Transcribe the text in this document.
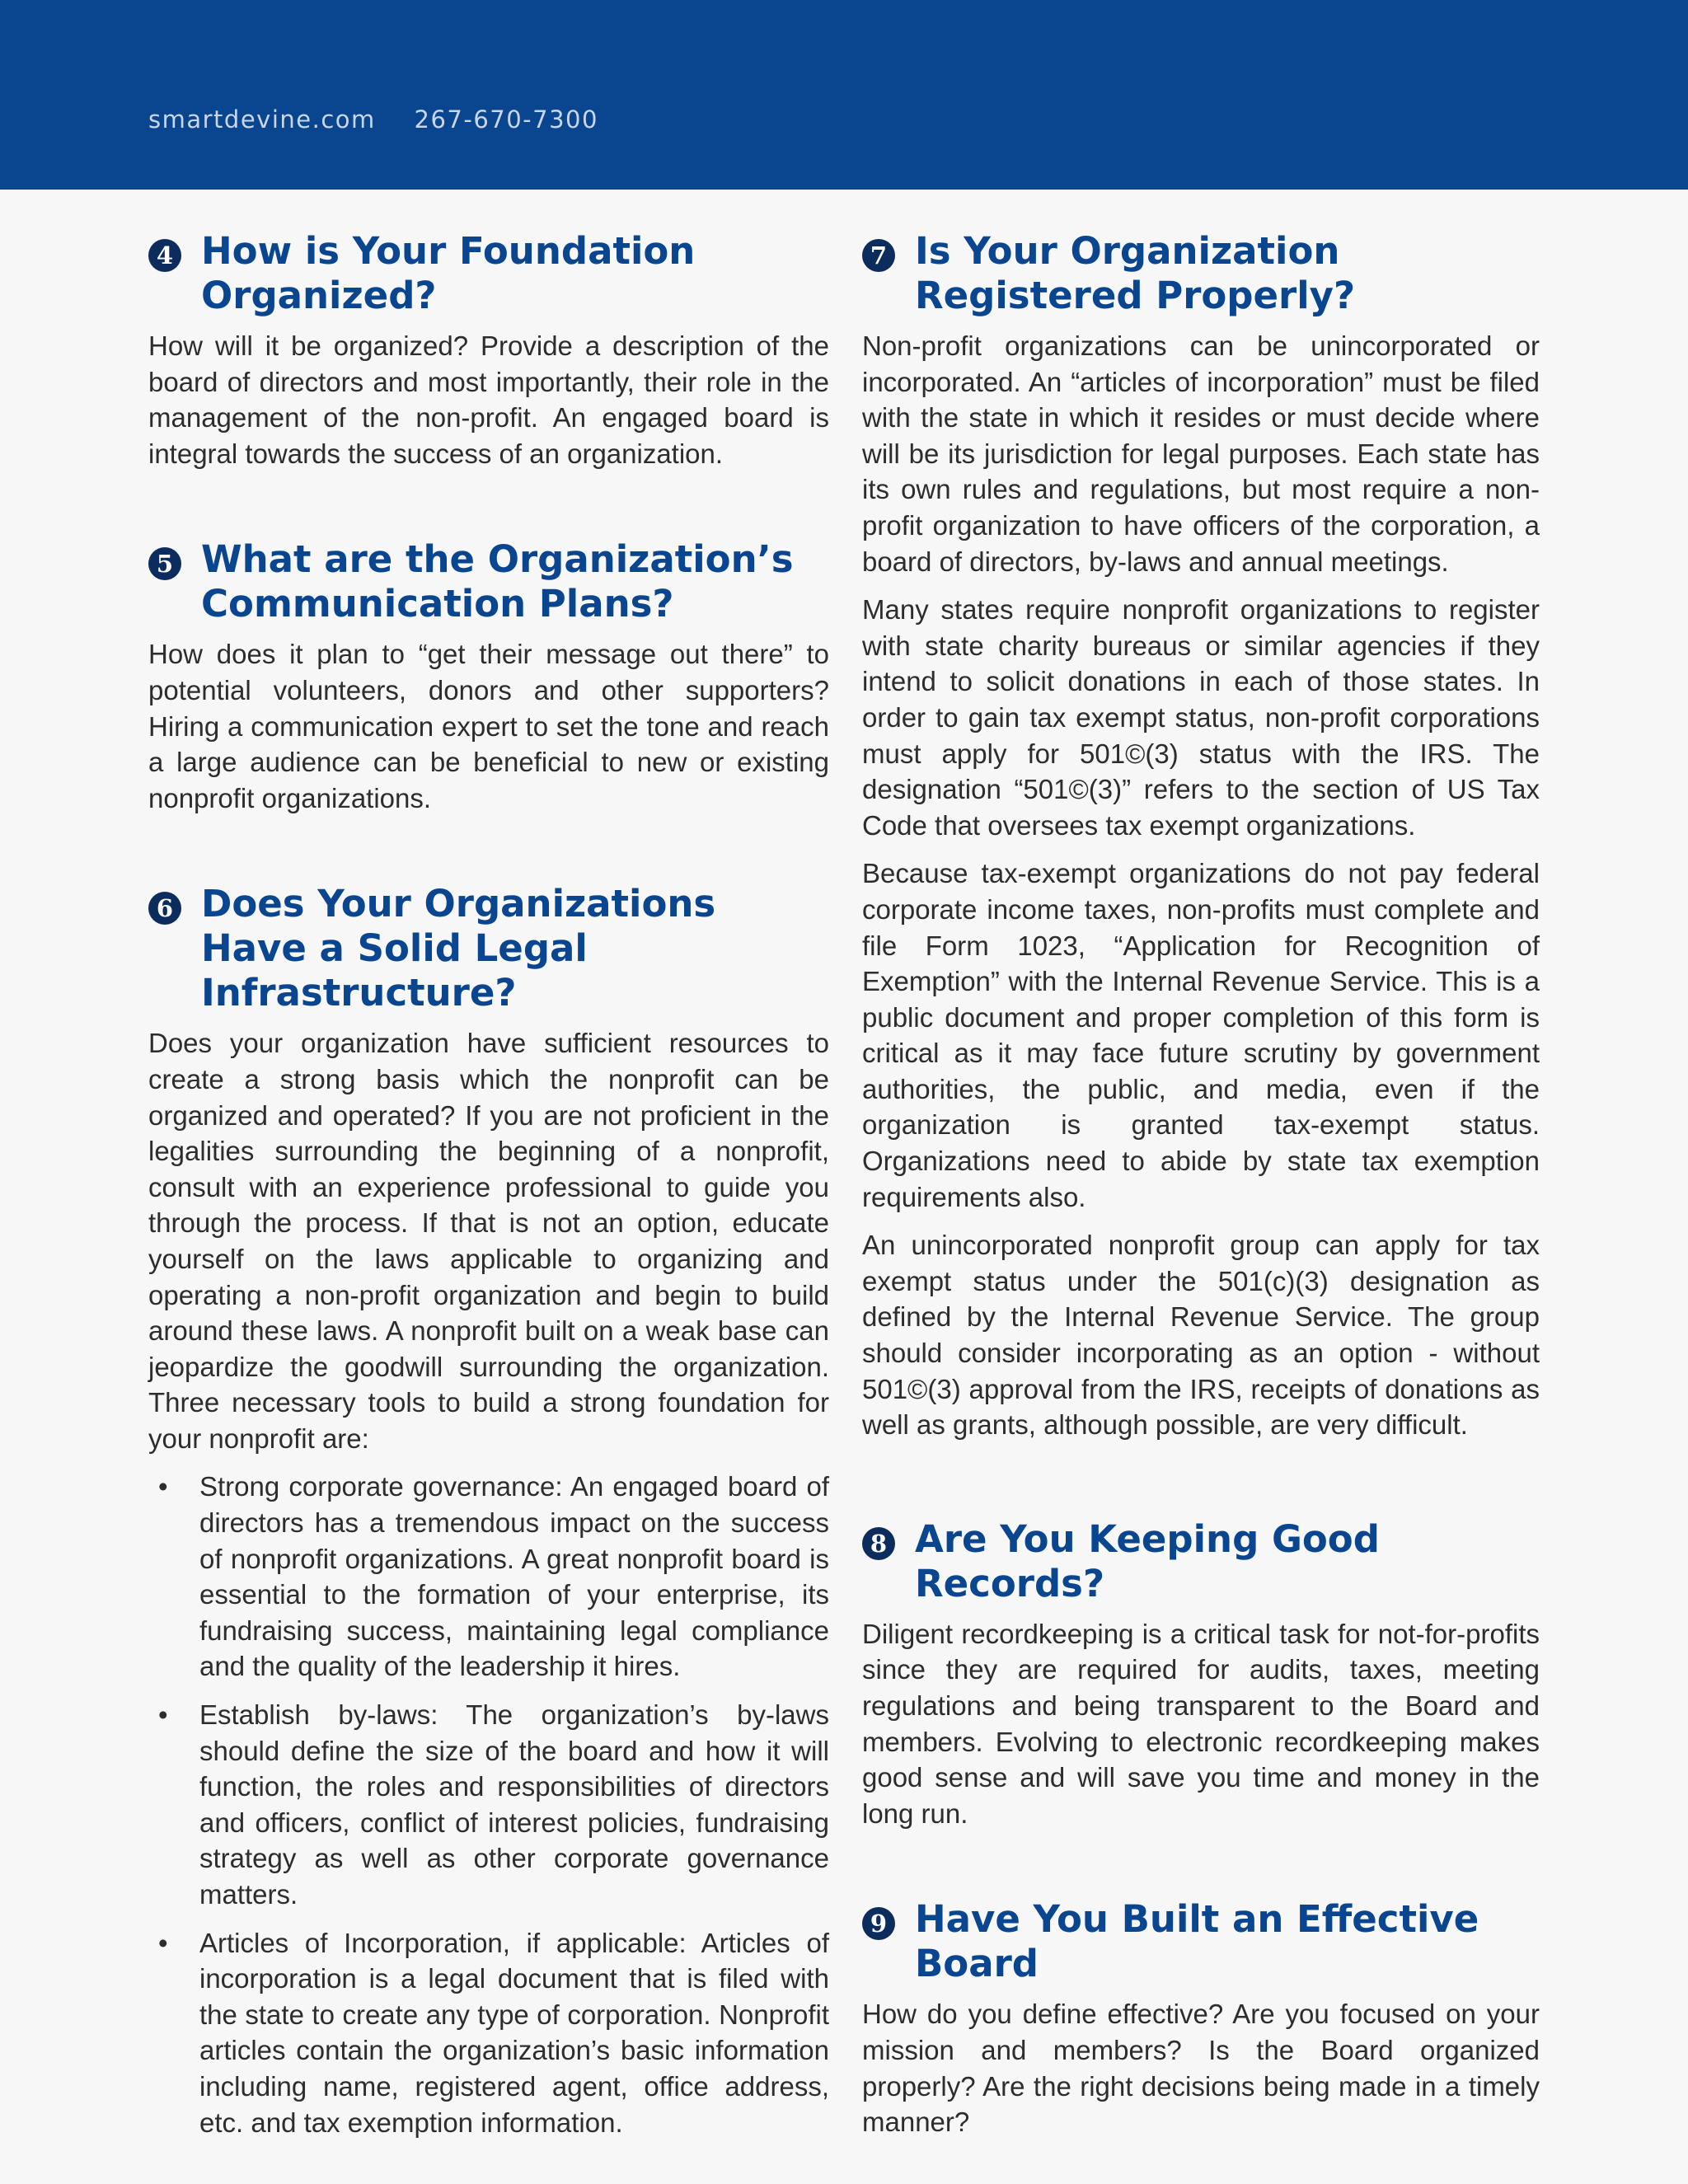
smartdevine.com 267-670-7300
4 How is Your Foundation Organized?

How will it be organized? Provide a description of the board of directors and most importantly, their role in the management of the non-profit. An engaged board is integral towards the success of an organization.

5 What are the Organization’s Communication Plans?

How does it plan to “get their message out there” to potential volunteers, donors and other supporters? Hiring a communication expert to set the tone and reach a large audience can be beneficial to new or existing nonprofit organizations.

6 Does Your Organizations Have a Solid Legal Infrastructure?

Does your organization have sufficient resources to create a strong basis which the nonprofit can be organized and operated? If you are not proficient in the legalities surrounding the beginning of a nonprofit, consult with an experience professional to guide you through the process. If that is not an option, educate yourself on the laws applicable to organizing and operating a non-profit organization and begin to build around these laws. A nonprofit built on a weak base can jeopardize the goodwill surrounding the organization. Three necessary tools to build a strong foundation for your nonprofit are:

• Strong corporate governance: An engaged board of directors has a tremendous impact on the success of nonprofit organizations. A great nonprofit board is essential to the formation of your enterprise, its fundraising success, maintaining legal compliance and the quality of the leadership it hires.
• Establish by-laws: The organization’s by-laws should define the size of the board and how it will function, the roles and responsibilities of directors and officers, conflict of interest policies, fundraising strategy as well as other corporate governance matters.
• Articles of Incorporation, if applicable: Articles of incorporation is a legal document that is filed with the state to create any type of corporation. Nonprofit articles contain the organization’s basic information including name, registered agent, office address, etc. and tax exemption information.
7 Is Your Organization Registered Properly?

Non-profit organizations can be unincorporated or incorporated. An “articles of incorporation” must be filed with the state in which it resides or must decide where will be its jurisdiction for legal purposes. Each state has its own rules and regulations, but most require a non-profit organization to have officers of the corporation, a board of directors, by-laws and annual meetings.

Many states require nonprofit organizations to register with state charity bureaus or similar agencies if they intend to solicit donations in each of those states. In order to gain tax exempt status, non-profit corporations must apply for 501©(3) status with the IRS. The designation “501©(3)” refers to the section of US Tax Code that oversees tax exempt organizations.

Because tax-exempt organizations do not pay federal corporate income taxes, non-profits must complete and file Form 1023, “Application for Recognition of Exemption” with the Internal Revenue Service. This is a public document and proper completion of this form is critical as it may face future scrutiny by government authorities, the public, and media, even if the organization is granted tax-exempt status. Organizations need to abide by state tax exemption requirements also.

An unincorporated nonprofit group can apply for tax exempt status under the 501(c)(3) designation as defined by the Internal Revenue Service. The group should consider incorporating as an option - without 501©(3) approval from the IRS, receipts of donations as well as grants, although possible, are very difficult.

8 Are You Keeping Good Records?

Diligent recordkeeping is a critical task for not-for-profits since they are required for audits, taxes, meeting regulations and being transparent to the Board and members. Evolving to electronic recordkeeping makes good sense and will save you time and money in the long run.

9 Have You Built an Effective Board

How do you define effective? Are you focused on your mission and members? Is the Board organized properly? Are the right decisions being made in a timely manner?
